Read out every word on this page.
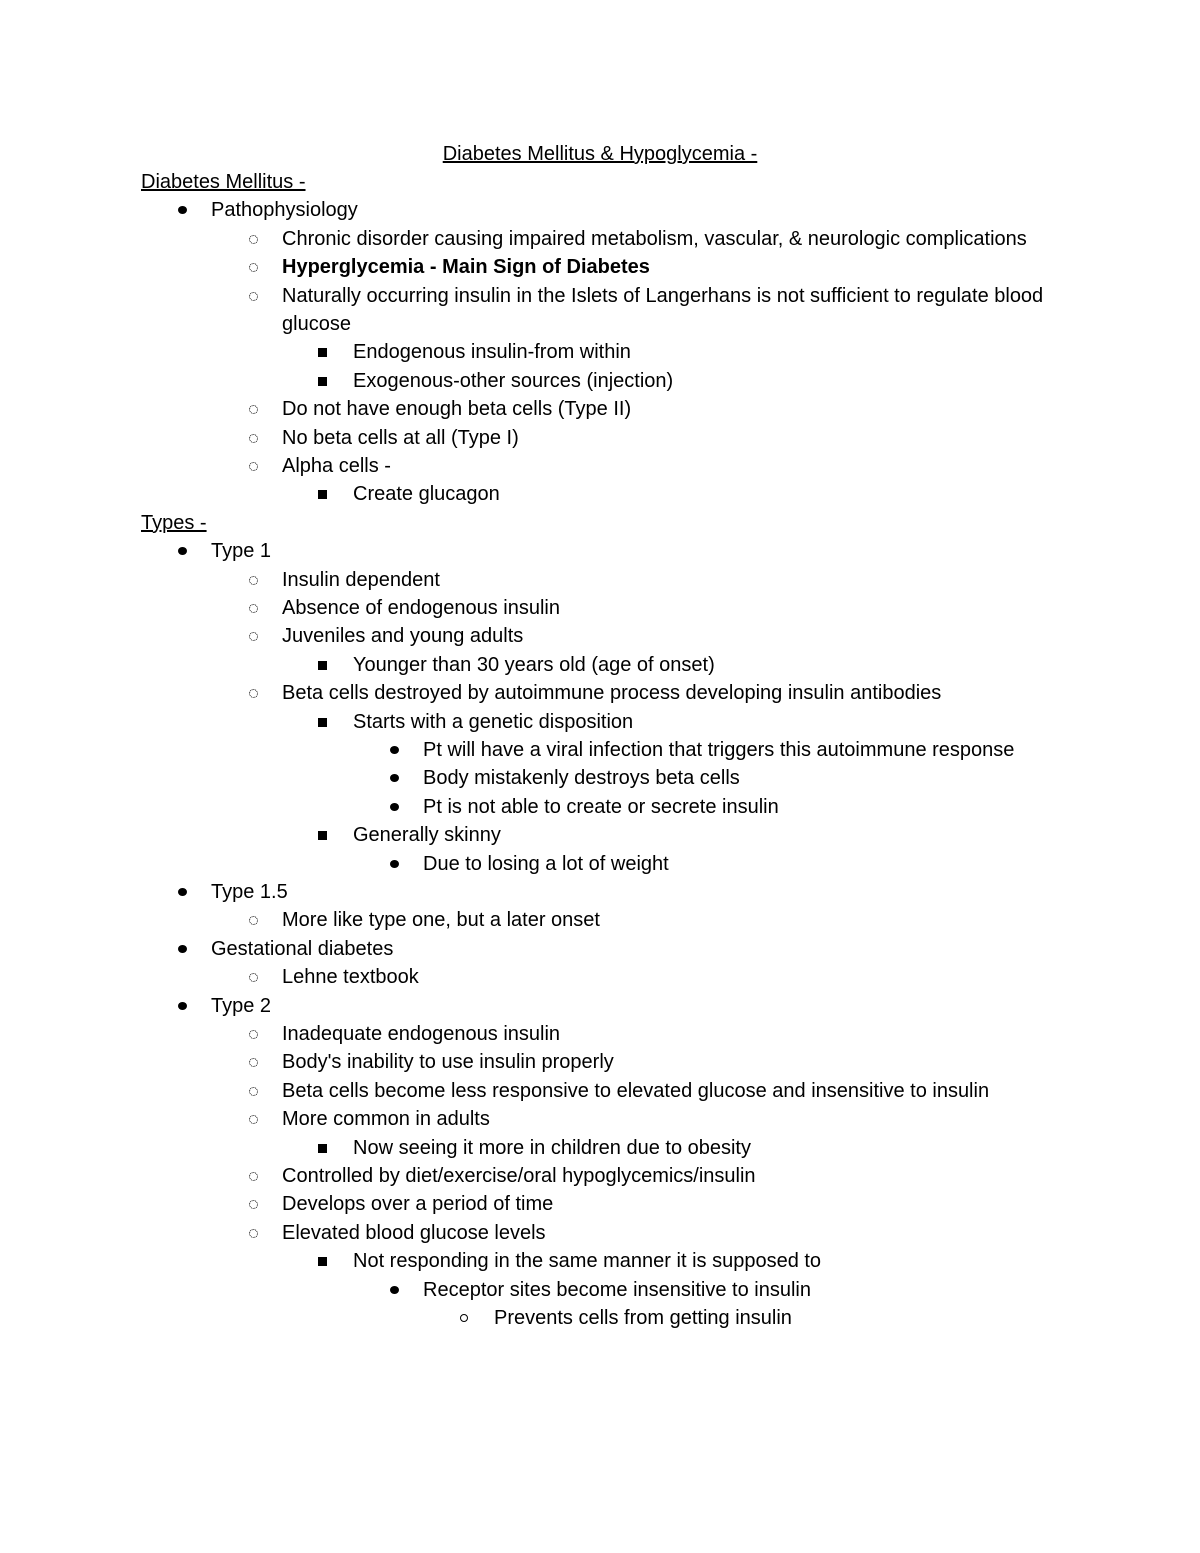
Diabetes Mellitus & Hypoglycemia -
Diabetes Mellitus -
Pathophysiology
Chronic disorder causing impaired metabolism, vascular, & neurologic complications
Hyperglycemia - Main Sign of Diabetes
Naturally occurring insulin in the Islets of Langerhans is not sufficient to regulate blood glucose
Endogenous insulin-from within
Exogenous-other sources (injection)
Do not have enough beta cells (Type II)
No beta cells at all (Type I)
Alpha cells -
Create glucagon
Types -
Type 1
Insulin dependent
Absence of endogenous insulin
Juveniles and young adults
Younger than 30 years old (age of onset)
Beta cells destroyed by autoimmune process developing insulin antibodies
Starts with a genetic disposition
Pt will have a viral infection that triggers this autoimmune response
Body mistakenly destroys beta cells
Pt is not able to create or secrete insulin
Generally skinny
Due to losing a lot of weight
Type 1.5
More like type one, but a later onset
Gestational diabetes
Lehne textbook
Type 2
Inadequate endogenous insulin
Body's inability to use insulin properly
Beta cells become less responsive to elevated glucose and insensitive to insulin
More common in adults
Now seeing it more in children due to obesity
Controlled by diet/exercise/oral hypoglycemics/insulin
Develops over a period of time
Elevated blood glucose levels
Not responding in the same manner it is supposed to
Receptor sites become insensitive to insulin
Prevents cells from getting insulin
